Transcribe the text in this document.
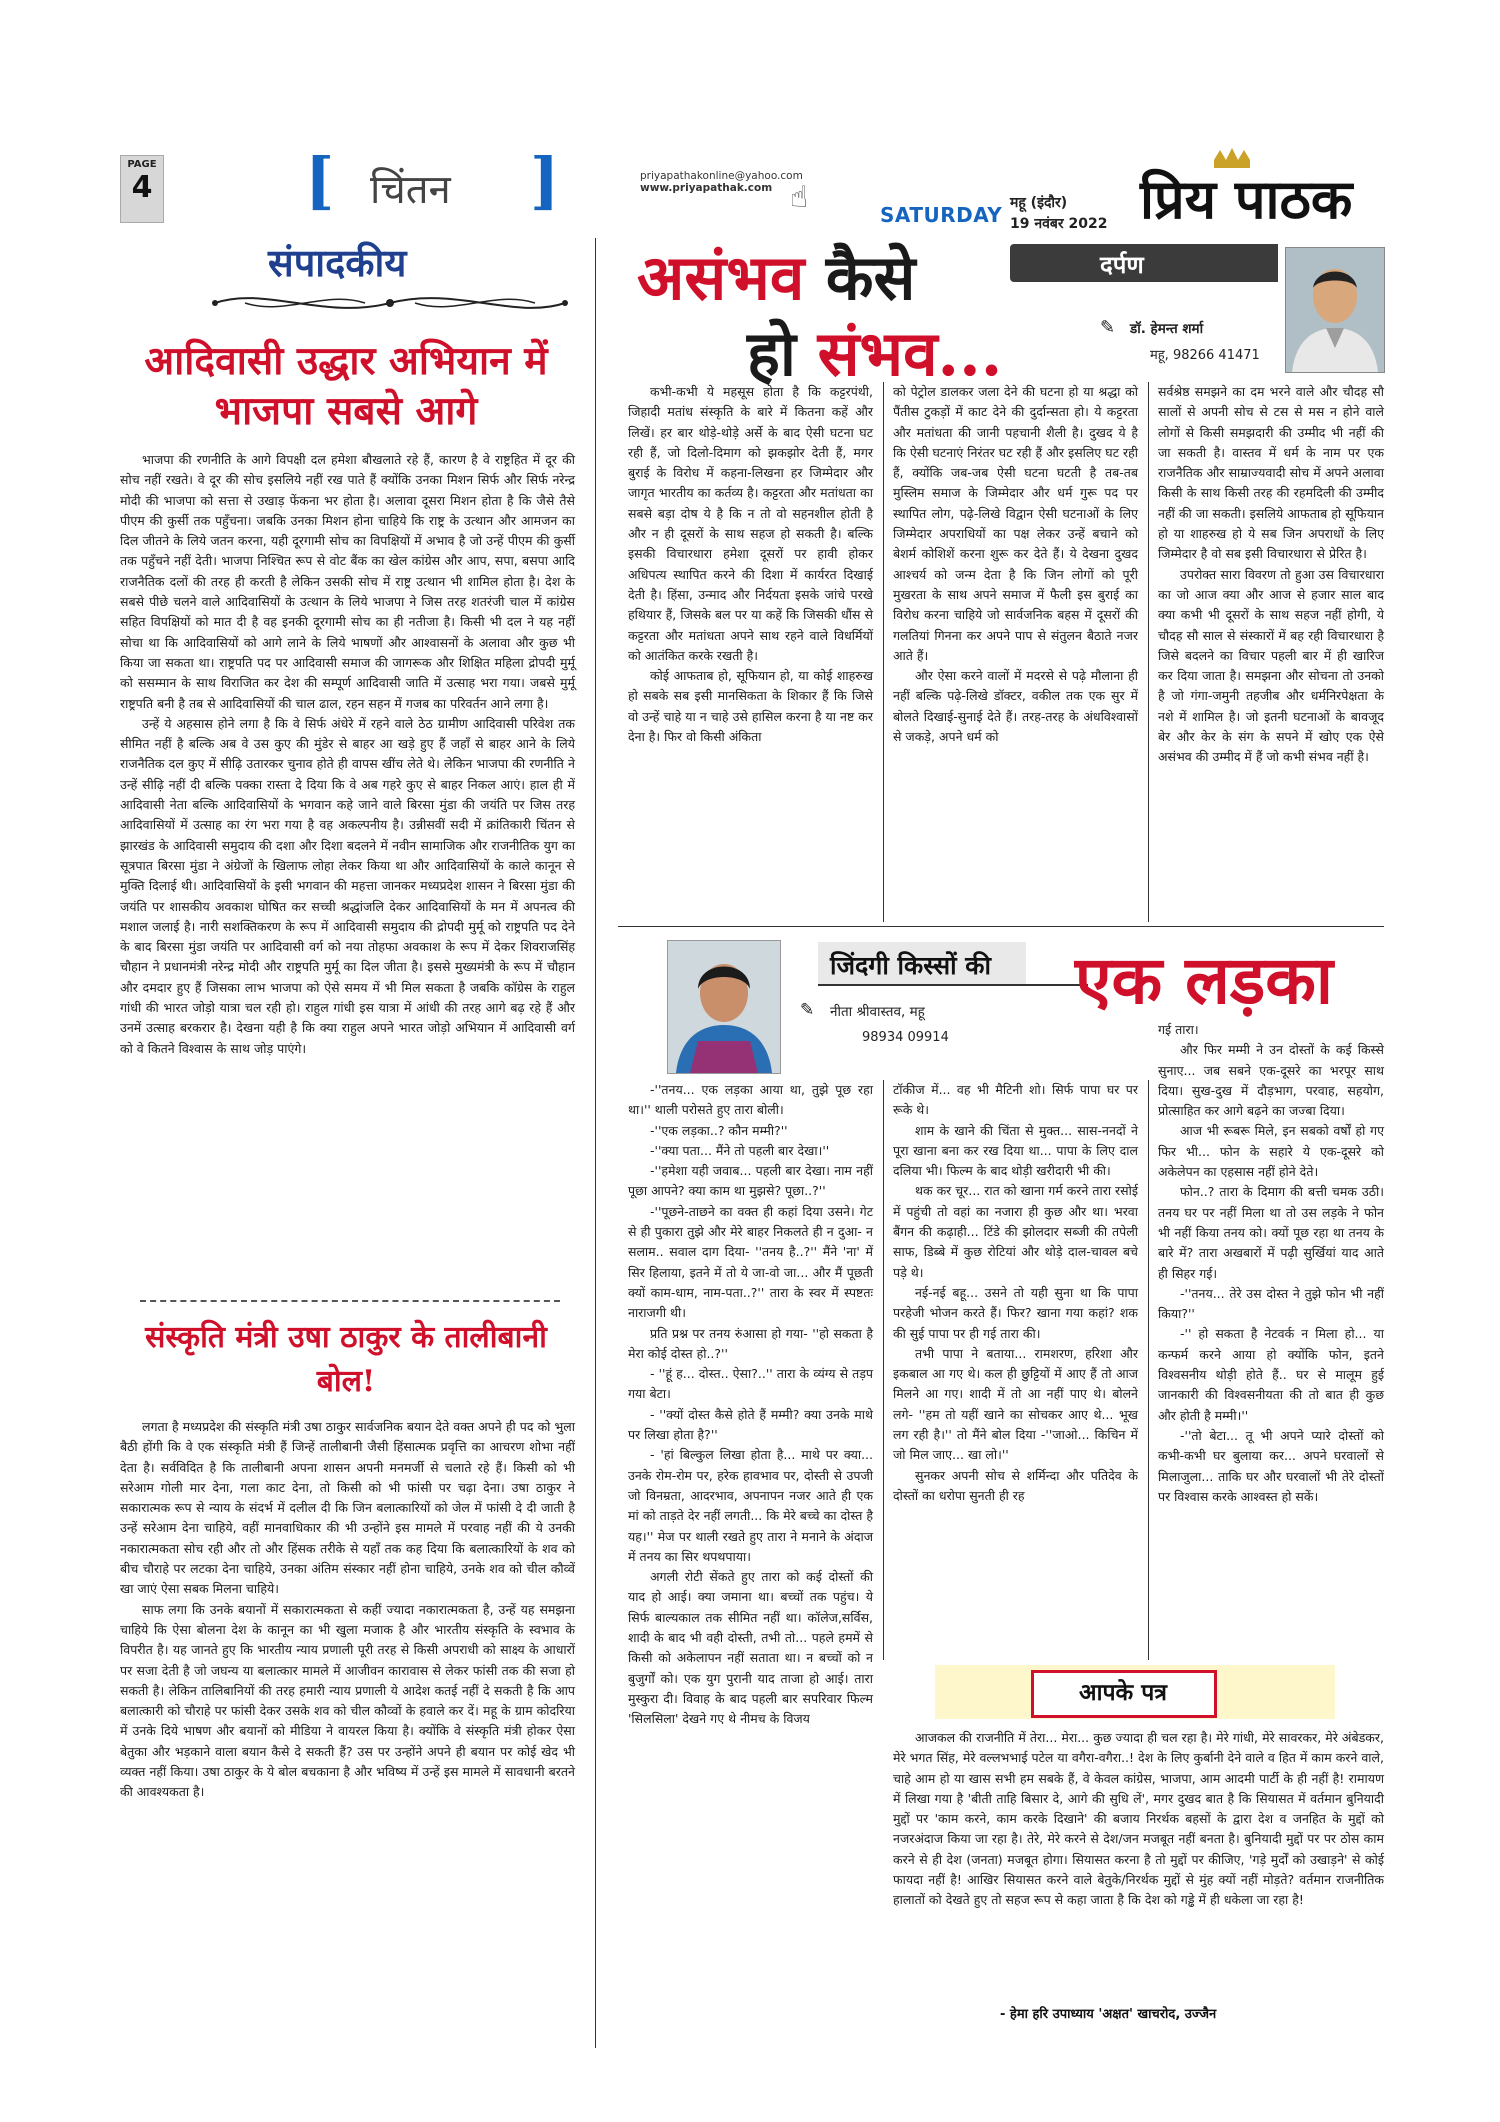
PAGE
4 [ चिंतन ]	priyapathakonline@yahoo.com
www.priyapathak.com ☝	SATURDAY महू (इंदौर)
19 नवंबर 2022 प्रिय पाठक
संपादकीय
आदिवासी उद्धार अभियान में भाजपा सबसे आगे

भाजपा की रणनीति के आगे विपक्षी दल हमेशा बौखलाते रहे हैं, कारण है वे राष्ट्रहित में दूर की सोच नहीं रखते। वे दूर की सोच इसलिये नहीं रख पाते हैं क्योंकि उनका मिशन सिर्फ और सिर्फ नरेन्द्र मोदी की भाजपा को सत्ता से उखाड़ फेंकना भर होता है। अलावा दूसरा मिशन होता है कि जैसे तैसे पीएम की कुर्सी तक पहुँचना। जबकि उनका मिशन होना चाहिये कि राष्ट्र के उत्थान और आमजन का दिल जीतने के लिये जतन करना, यही दूरगामी सोच का विपक्षियों में अभाव है जो उन्हें पीएम की कुर्सी तक पहुँचने नहीं देती। भाजपा निश्चित रूप से वोट बैंक का खेल कांग्रेस और आप, सपा, बसपा आदि राजनैतिक दलों की तरह ही करती है लेकिन उसकी सोच में राष्ट्र उत्थान भी शामिल होता है। देश के सबसे पीछे चलने वाले आदिवासियों के उत्थान के लिये भाजपा ने जिस तरह शतरंजी चाल में कांग्रेस सहित विपक्षियों को मात दी है वह इनकी दूरगामी सोच का ही नतीजा है। किसी भी दल ने यह नहीं सोचा था कि आदिवासियों को आगे लाने के लिये भाषणों और आश्वासनों के अलावा और कुछ भी किया जा सकता था। राष्ट्रपति पद पर आदिवासी समाज की जागरूक और शिक्षित महिला द्रोपदी मुर्मू को ससम्मान के साथ विराजित कर देश की सम्पूर्ण आदिवासी जाति में उत्साह भरा गया। जबसे मुर्मू राष्ट्रपति बनी है तब से आदिवासियों की चाल ढाल, रहन सहन में गजब का परिवर्तन आने लगा है।

उन्हें ये अहसास होने लगा है कि वे सिर्फ अंधेरे में रहने वाले ठेठ ग्रामीण आदिवासी परिवेश तक सीमित नहीं है बल्कि अब वे उस कुए की मुंडेर से बाहर आ खड़े हुए हैं जहाँ से बाहर आने के लिये राजनैतिक दल कुए में सीढ़ि उतारकर चुनाव होते ही वापस खींच लेते थे। लेकिन भाजपा की रणनीति ने उन्हें सीढ़ि नहीं दी बल्कि पक्का रास्ता दे दिया कि वे अब गहरे कुए से बाहर निकल आएं। हाल ही में आदिवासी नेता बल्कि आदिवासियों के भगवान कहे जाने वाले बिरसा मुंडा की जयंति पर जिस तरह आदिवासियों में उत्साह का रंग भरा गया है वह अकल्पनीय है। उन्नीसवीं सदी में क्रांतिकारी चिंतन से झारखंड के आदिवासी समुदाय की दशा और दिशा बदलने में नवीन सामाजिक और राजनीतिक युग का सूत्रपात बिरसा मुंडा ने अंग्रेजों के खिलाफ लोहा लेकर किया था और आदिवासियों के काले कानून से मुक्ति दिलाई थी। आदिवासियों के इसी भगवान की महत्ता जानकर मध्यप्रदेश शासन ने बिरसा मुंडा की जयंति पर शासकीय अवकाश घोषित कर सच्ची श्रद्धांजलि देकर आदिवासियों के मन में अपनत्व की मशाल जलाई है। नारी सशक्तिकरण के रूप में आदिवासी समुदाय की द्रोपदी मुर्मू को राष्ट्रपति पद देने के बाद बिरसा मुंडा जयंति पर आदिवासी वर्ग को नया तोहफा अवकाश के रूप में देकर शिवराजसिंह चौहान ने प्रधानमंत्री नरेन्द्र मोदी और राष्ट्रपति मुर्मू का दिल जीता है। इससे मुख्यमंत्री के रूप में चौहान और दमदार हुए हैं जिसका लाभ भाजपा को ऐसे समय में भी मिल सकता है जबकि कॉग्रेस के राहुल गांधी की भारत जोड़ो यात्रा चल रही हो। राहुल गांधी इस यात्रा में आंधी की तरह आगे बढ़ रहे हैं और उनमें उत्साह बरकरार है। देखना यही है कि क्या राहुल अपने भारत जोड़ो अभियान में आदिवासी वर्ग को वे कितने विश्वास के साथ जोड़ पाएंगे।

संस्कृति मंत्री उषा ठाकुर के तालीबानी बोल!

लगता है मध्यप्रदेश की संस्कृति मंत्री उषा ठाकुर सार्वजनिक बयान देते वक्त अपने ही पद को भुला बैठी होंगी कि वे एक संस्कृति मंत्री हैं जिन्हें तालीबानी जैसी हिंसात्मक प्रवृत्ति का आचरण शोभा नहीं देता है। सर्वविदित है कि तालीबानी अपना शासन अपनी मनमर्जी से चलाते रहे हैं। किसी को भी सरेआम गोली मार देना, गला काट देना, तो किसी को भी फांसी पर चढ़ा देना। उषा ठाकुर ने सकारात्मक रूप से न्याय के संदर्भ में दलील दी कि जिन बलात्कारियों को जेल में फांसी दे दी जाती है उन्हें सरेआम देना चाहिये, वहीं मानवाधिकार की भी उन्होंने इस मामले में परवाह नहीं की ये उनकी नकारात्मकता सोच रही और तो और हिंसक तरीके से यहाँ तक कह दिया कि बलात्कारियों के शव को बीच चौराहे पर लटका देना चाहिये, उनका अंतिम संस्कार नहीं होना चाहिये, उनके शव को चील कौव्वें खा जाएं ऐसा सबक मिलना चाहिये।

साफ लगा कि उनके बयानों में सकारात्मकता से कहीं ज्यादा नकारात्मकता है, उन्हें यह समझना चाहिये कि ऐसा बोलना देश के कानून का भी खुला मजाक है और भारतीय संस्कृति के स्वभाव के विपरीत है। यह जानते हुए कि भारतीय न्याय प्रणाली पूरी तरह से किसी अपराधी को साक्ष्य के आधारों पर सजा देती है जो जघन्य या बलात्कार मामले में आजीवन कारावास से लेकर फांसी तक की सजा हो सकती है। लेकिन तालिबानियों की तरह हमारी न्याय प्रणाली ये आदेश कतई नहीं दे सकती है कि आप बलात्कारी को चौराहे पर फांसी देकर उसके शव को चील कौव्वों के हवाले कर दें। महू के ग्राम कोदरिया में उनके दिये भाषण और बयानों को मीडिया ने वायरल किया है। क्योंकि वे संस्कृति मंत्री होकर ऐसा बेतुका और भड़काने वाला बयान कैसे दे सकती हैं? उस पर उन्होंने अपने ही बयान पर कोई खेद भी व्यक्त नहीं किया। उषा ठाकुर के ये बोल बचकाना है और भविष्य में उन्हें इस मामले में सावधानी बरतने की आवश्यकता है।

असंभव कैसे
हो संभव...
दर्पण
✎ डॉ. हेमन्त शर्मा
महू, 98266 41471

कभी-कभी ये महसूस होता है कि कट्टरपंथी, जिहादी मतांध संस्कृति के बारे में कितना कहें और लिखें। हर बार थोड़े-थोड़े अर्से के बाद ऐसी घटना घट रही हैं, जो दिलो-दिमाग को झकझोर देती हैं, मगर बुराई के विरोध में कहना-लिखना हर जिम्मेदार और जागृत भारतीय का कर्तव्य है। कट्टरता और मतांधता का सबसे बड़ा दोष ये है कि न तो वो सहनशील होती है और न ही दूसरों के साथ सहज हो सकती है। बल्कि इसकी विचारधारा हमेशा दूसरों पर हावी होकर अधिपत्य स्थापित करने की दिशा में कार्यरत दिखाई देती है। हिंसा, उन्माद और निर्दयता इसके जांचे परखे हथियार हैं, जिसके बल पर या कहें कि जिसकी धौंस से कट्टरता और मतांधता अपने साथ रहने वाले विधर्मियों को आतंकित करके रखती है।

कोई आफताब हो, सूफियान हो, या कोई शाहरुख हो सबके सब इसी मानसिकता के शिकार हैं कि जिसे वो उन्हें चाहे या न चाहे उसे हासिल करना है या नष्ट कर देना है। फिर वो किसी अंकिता

को पेट्रोल डालकर जला देने की घटना हो या श्रद्धा को पैंतीस टुकड़ों में काट देने की दुर्दान्सता हो। ये कट्टरता और मतांधता की जानी पहचानी शैली है। दुखद ये है कि ऐसी घटनाएं निरंतर घट रही हैं और इसलिए घट रही हैं, क्योंकि जब-जब ऐसी घटना घटती है तब-तब मुस्लिम समाज के जिम्मेदार और धर्म गुरू पद पर स्थापित लोग, पढ़े-लिखे विद्वान ऐसी घटनाओं के लिए जिम्मेदार अपराधियों का पक्ष लेकर उन्हें बचाने को बेशर्म कोशिशें करना शुरू कर देते हैं। ये देखना दुखद आश्चर्य को जन्म देता है कि जिन लोगों को पूरी मुखरता के साथ अपने समाज में फैली इस बुराई का विरोध करना चाहिये जो सार्वजनिक बहस में दूसरों की गलतियां गिनना कर अपने पाप से संतुलन बैठाते नजर आते हैं।

और ऐसा करने वालों में मदरसे से पढ़े मौलाना ही नहीं बल्कि पढ़े-लिखे डॉक्टर, वकील तक एक सुर में बोलते दिखाई-सुनाई देते हैं। तरह-तरह के अंधविश्वासों से जकड़े, अपने धर्म को

सर्वश्रेष्ठ समझने का दम भरने वाले और चौदह सौ सालों से अपनी सोच से टस से मस न होने वाले लोगों से किसी समझदारी की उम्मीद भी नहीं की जा सकती है। वास्तव में धर्म के नाम पर एक राजनैतिक और साम्राज्यवादी सोच में अपने अलावा किसी के साथ किसी तरह की रहमदिली की उम्मीद नहीं की जा सकती। इसलिये आफताब हो सूफियान हो या शाहरुख हो ये सब जिन अपराधों के लिए जिम्मेदार है वो सब इसी विचारधारा से प्रेरित है।

उपरोक्त सारा विवरण तो हुआ उस विचारधारा का जो आज क्या और आज से हजार साल बाद क्या कभी भी दूसरों के साथ सहज नहीं होगी, ये चौदह सौ साल से संस्कारों में बह रही विचारधारा है जिसे बदलने का विचार पहली बार में ही खारिज कर दिया जाता है। समझना और सोचना तो उनको है जो गंगा-जमुनी तहजीब और धर्मनिरपेक्षता के नशे में शामिल है। जो इतनी घटनाओं के बावजूद बेर और केर के संग के सपने में खोए एक ऐसे असंभव की उम्मीद में हैं जो कभी संभव नहीं है।

जिंदगी किस्सों की
✎ नीता श्रीवास्तव, महू
98934 09914
एक लड़का

-''तनय... एक लड़का आया था, तुझे पूछ रहा था।'' थाली परोसते हुए तारा बोली।

-''एक लड़का..? कौन मम्मी?''

-''क्या पता... मैंने तो पहली बार देखा।''

-''हमेशा यही जवाब... पहली बार देखा। नाम नहीं पूछा आपने? क्या काम था मुझसे? पूछा..?''

-''पूछने-ताछने का वक्त ही कहां दिया उसने। गेट से ही पुकारा तुझे और मेरे बाहर निकलते ही न दुआ- न सलाम.. सवाल दाग दिया- ''तनय है..?'' मैंने 'ना' में सिर हिलाया, इतने में तो ये जा-वो जा... और मैं पूछती क्यों काम-धाम, नाम-पता..?'' तारा के स्वर में स्पष्टतः नाराजगी थी।

प्रति प्रश्न पर तनय रुंआसा हो गया- ''हो सकता है मेरा कोई दोस्त हो..?''

- ''हूं ह... दोस्त.. ऐसा?..'' तारा के व्यंग्य से तड़प गया बेटा।

- ''क्यों दोस्त कैसे होते हैं मम्मी? क्या उनके माथे पर लिखा होता है?''

- 'हां बिल्कुल लिखा होता है... माथे पर क्या... उनके रोम-रोम पर, हरेक हावभाव पर, दोस्ती से उपजी जो विनम्रता, आदरभाव, अपनापन नजर आते ही एक मां को ताड़ते देर नहीं लगती... कि मेरे बच्चे का दोस्त है यह।'' मेज पर थाली रखते हुए तारा ने मनाने के अंदाज में तनय का सिर थपथपाया।

अगली रोटी सेंकते हुए तारा को कई दोस्तों की याद हो आई। क्या जमाना था। बच्चों तक पहुंच। ये सिर्फ बाल्यकाल तक सीमित नहीं था। कॉलेज,सर्विस, शादी के बाद भी वही दोस्ती, तभी तो... पहले हममें से किसी को अकेलापन नहीं सताता था। न बच्चों को न बुजुर्गों को। एक युग पुरानी याद ताजा हो आई। तारा मुस्कुरा दी। विवाह के बाद पहली बार सपरिवार फिल्म 'सिलसिला' देखने गए थे नीमच के विजय

टॉकीज में... वह भी मैटिनी शो। सिर्फ पापा घर पर रूके थे।

शाम के खाने की चिंता से मुक्त... सास-ननदों ने पूरा खाना बना कर रख दिया था... पापा के लिए दाल दलिया भी। फिल्म के बाद थोड़ी खरीदारी भी की।

थक कर चूर... रात को खाना गर्म करने तारा रसोई में पहुंची तो वहां का नजारा ही कुछ और था। भरवा बैंगन की कढ़ाही... टिंडे की झोलदार सब्जी की तपेली साफ, डिब्बे में कुछ रोटियां और थोड़े दाल-चावल बचे पड़े थे।

नई-नई बहू... उसने तो यही सुना था कि पापा परहेजी भोजन करते हैं। फिर? खाना गया कहां? शक की सुई पापा पर ही गई तारा की।

तभी पापा ने बताया... रामशरण, हरिशा और इकबाल आ गए थे। कल ही छुट्टियों में आए हैं तो आज मिलने आ गए। शादी में तो आ नहीं पाए थे। बोलने लगे- ''हम तो यहीं खाने का सोचकर आए थे... भूख लग रही है।'' तो मैंने बोल दिया -''जाओ... किचिन में जो मिल जाए... खा लो।''

सुनकर अपनी सोच से शर्मिन्दा और पतिदेव के दोस्तों का धरोपा सुनती ही रह

गई तारा।

और फिर मम्मी ने उन दोस्तों के कई किस्से सुनाए... जब सबने एक-दूसरे का भरपूर साथ दिया। सुख-दुख में दौड़भाग, परवाह, सहयोग, प्रोत्साहित कर आगे बढ़ने का जज्बा दिया।

आज भी रूबरू मिले, इन सबको वर्षों हो गए फिर भी... फोन के सहारे ये एक-दूसरे को अकेलेपन का एहसास नहीं होने देते।

फोन..? तारा के दिमाग की बत्ती चमक उठी। तनय घर पर नहीं मिला था तो उस लड़के ने फोन भी नहीं किया तनय को। क्यों पूछ रहा था तनय के बारे में? तारा अखबारों में पढ़ी सुर्खियां याद आते ही सिहर गई।

-''तनय... तेरे उस दोस्त ने तुझे फोन भी नहीं किया?''

-'' हो सकता है नेटवर्क न मिला हो... या कन्फर्म करने आया हो क्योंकि फोन, इतने विश्वसनीय थोड़ी होते हैं.. घर से मालूम हुई जानकारी की विश्वसनीयता की तो बात ही कुछ और होती है मम्मी।''

-''तो बेटा... तू भी अपने प्यारे दोस्तों को कभी-कभी घर बुलाया कर... अपने घरवालों से मिलाजुला... ताकि घर और घरवालों भी तेरे दोस्तों पर विश्वास करके आश्वस्त हो सकें।

आपके पत्र

आजकल की राजनीति में तेरा... मेरा... कुछ ज्यादा ही चल रहा है। मेरे गांधी, मेरे सावरकर, मेरे अंबेडकर, मेरे भगत सिंह, मेरे वल्लभभाई पटेल या वगैरा-वगैरा..! देश के लिए कुर्बानी देने वाले व हित में काम करने वाले, चाहे आम हो या खास सभी हम सबके हैं, वे केवल कांग्रेस, भाजपा, आम आदमी पार्टी के ही नहीं है! रामायण में लिखा गया है 'बीती ताहि बिसार दे, आगे की सुधि लें', मगर दुखद बात है कि सियासत में वर्तमान बुनियादी मुद्दों पर 'काम करने, काम करके दिखाने' की बजाय निरर्थक बहसों के द्वारा देश व जनहित के मुद्दों को नजरअंदाज किया जा रहा है। तेरे, मेरे करने से देश/जन मजबूत नहीं बनता है। बुनियादी मुद्दों पर पर ठोस काम करने से ही देश (जनता) मजबूत होगा। सियासत करना है तो मुद्दों पर कीजिए, 'गड़े मुर्दों को उखाड़ने' से कोई फायदा नहीं है! आखिर सियासत करने वाले बेतुके/निरर्थक मुद्दों से मुंह क्यों नहीं मोड़ते? वर्तमान राजनीतिक हालातों को देखते हुए तो सहज रूप से कहा जाता है कि देश को गड्ढे में ही धकेला जा रहा है!

- हेमा हरि उपाध्याय 'अक्षत' खाचरोद, उज्जैन
